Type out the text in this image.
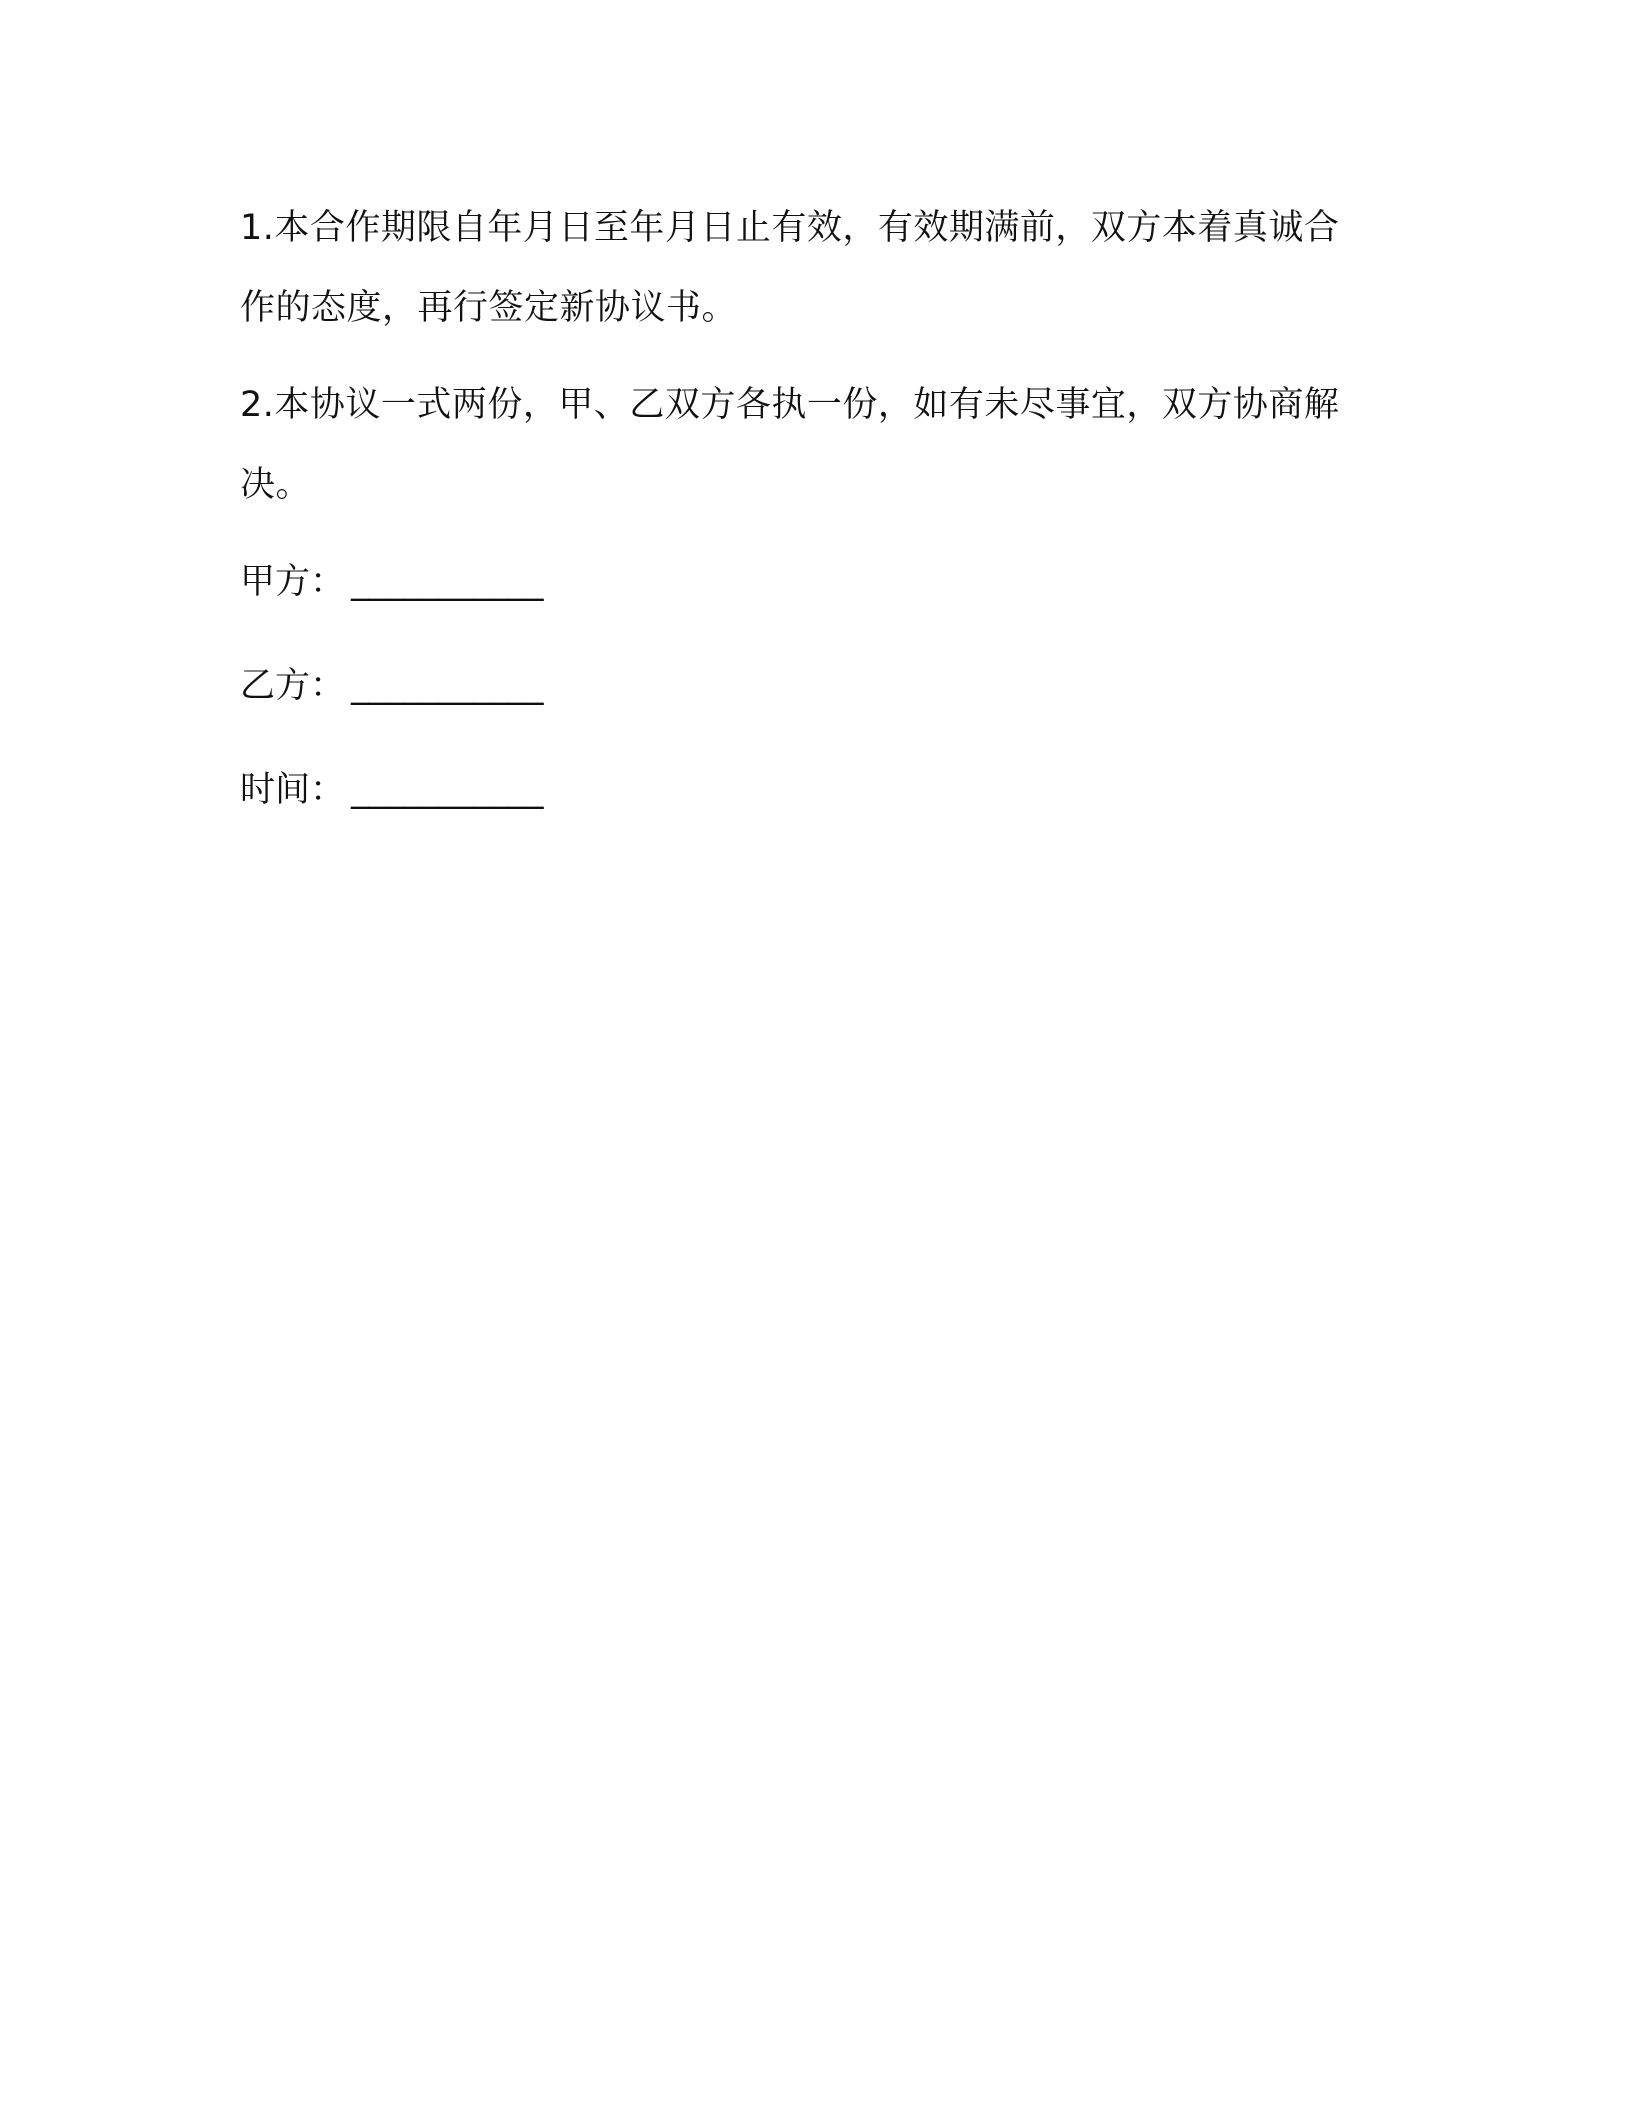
1.本合作期限自年月日至年月日止有效，有效期满前，双方本着真诚合作的态度，再行签定新协议书。

2.本协议一式两份，甲、乙双方各执一份，如有未尽事宜，双方协商解决。

甲方： ___________
乙方： ___________
时间： ___________
